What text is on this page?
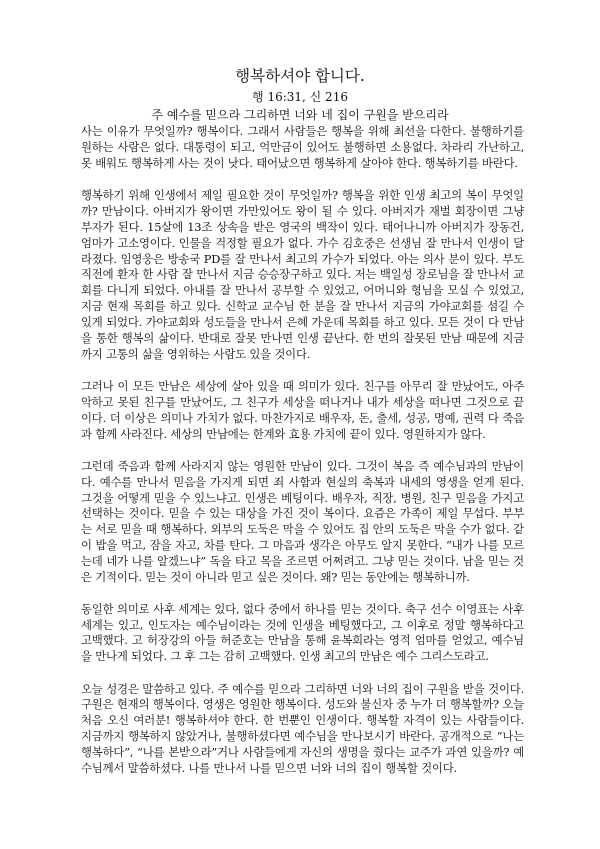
행복하셔야 합니다.
행 16:31, 신 216
주 예수를 믿으라 그리하면 너와 네 집이 구원을 받으리라

사는 이유가 무엇일까? 행복이다. 그래서 사람들은 행복을 위해 최선을 다한다. 불행하기를 원하는 사람은 없다. 대통령이 되고, 억만금이 있어도 불행하면 소용없다. 차라리 가난하고, 못 배워도 행복하게 사는 것이 낫다. 태어났으면 행복하게 살아야 한다. 행복하기를 바란다.

행복하기 위해 인생에서 제일 필요한 것이 무엇일까? 행복을 위한 인생 최고의 복이 무엇일까? 만남이다. 아버지가 왕이면 가만있어도 왕이 될 수 있다. 아버지가 재벌 회장이면 그냥 부자가 된다. 15살에 13조 상속을 받은 영국의 백작이 있다. 태어나니까 아버지가 장동건, 엄마가 고소영이다. 인물을 걱정할 필요가 없다. 가수 김호중은 선생님 잘 만나서 인생이 달라졌다. 임영웅은 방송국 PD를 잘 만나서 최고의 가수가 되었다. 아는 의사 분이 있다. 부도 직전에 환자 한 사람 잘 만나서 지금 승승장구하고 있다. 저는 백일성 장로님을 잘 만나서 교회를 다니게 되었다. 아내를 잘 만나서 공부할 수 있었고, 어머니와 형님을 모실 수 있었고, 지금 현재 목회를 하고 있다. 신학교 교수님 한 분을 잘 만나서 지금의 가야교회를 섬길 수 있게 되었다. 가야교회와 성도들을 만나서 은혜 가운데 목회를 하고 있다. 모든 것이 다 만남을 통한 행복의 삶이다. 반대로 잘못 만나면 인생 끝난다. 한 번의 잘못된 만남 때문에 지금까지 고통의 삶을 영위하는 사람도 있을 것이다.

그러나 이 모든 만남은 세상에 살아 있을 때 의미가 있다. 친구를 아무리 잘 만났어도, 아주 악하고 못된 친구를 만났어도, 그 친구가 세상을 떠나거나 내가 세상을 떠나면 그것으로 끝이다. 더 이상은 의미나 가치가 없다. 마찬가지로 배우자, 돈, 출세, 성공, 명예, 권력 다 죽음과 함께 사라진다. 세상의 만남에는 한계와 효용 가치에 끝이 있다. 영원하지가 않다.

그런데 죽음과 함께 사라지지 않는 영원한 만남이 있다. 그것이 복음 즉 예수님과의 만남이다. 예수를 만나서 믿음을 가지게 되면 죄 사함과 현실의 축복과 내세의 영생을 얻게 된다. 그것을 어떻게 믿을 수 있느냐고. 인생은 베팅이다. 배우자, 직장, 병원, 친구 믿음을 가지고 선택하는 것이다. 믿을 수 있는 대상을 가진 것이 복이다. 요즘은 가족이 제일 무섭다. 부부는 서로 믿을 때 행복하다. 외부의 도둑은 막을 수 있어도 집 안의 도둑은 막을 수가 없다. 같이 밥을 먹고, 잠을 자고, 차를 탄다. 그 마음과 생각은 아무도 알지 못한다. “내가 나를 모르는데 네가 나를 알겠느냐” 독을 타고 목을 조르면 어쩌려고. 그냥 믿는 것이다. 남을 믿는 것은 기적이다. 믿는 것이 아니라 믿고 싶은 것이다. 왜? 믿는 동안에는 행복하니까.

동일한 의미로 사후 세계는 있다, 없다 중에서 하나를 믿는 것이다. 축구 선수 이영표는 사후 세계는 있고, 인도자는 예수님이라는 것에 인생을 베팅했다고, 그 이후로 정말 행복하다고 고백했다. 고 허장강의 아들 허준호는 만남을 통해 윤복희라는 영적 엄마를 얻었고, 예수님을 만나게 되었다. 그 후 그는 감히 고백했다. 인생 최고의 만남은 예수 그리스도라고.

오늘 성경은 말씀하고 있다. 주 예수를 믿으라 그리하면 너와 너의 집이 구원을 받을 것이다. 구원은 현재의 행복이다. 영생은 영원한 행복이다. 성도와 불신자 중 누가 더 행복할까? 오늘 처음 오신 여러분! 행복하셔야 한다. 한 번뿐인 인생이다. 행복할 자격이 있는 사람들이다. 지금까지 행복하지 않았거나, 불행하셨다면 예수님을 만나보시기 바란다. 공개적으로 “나는 행복하다”, “나를 본받으라”거나 사람들에게 자신의 생명을 줬다는 교주가 과연 있을까? 예수님께서 말씀하셨다. 나를 만나서 나를 믿으면 너와 너의 집이 행복할 것이다.
